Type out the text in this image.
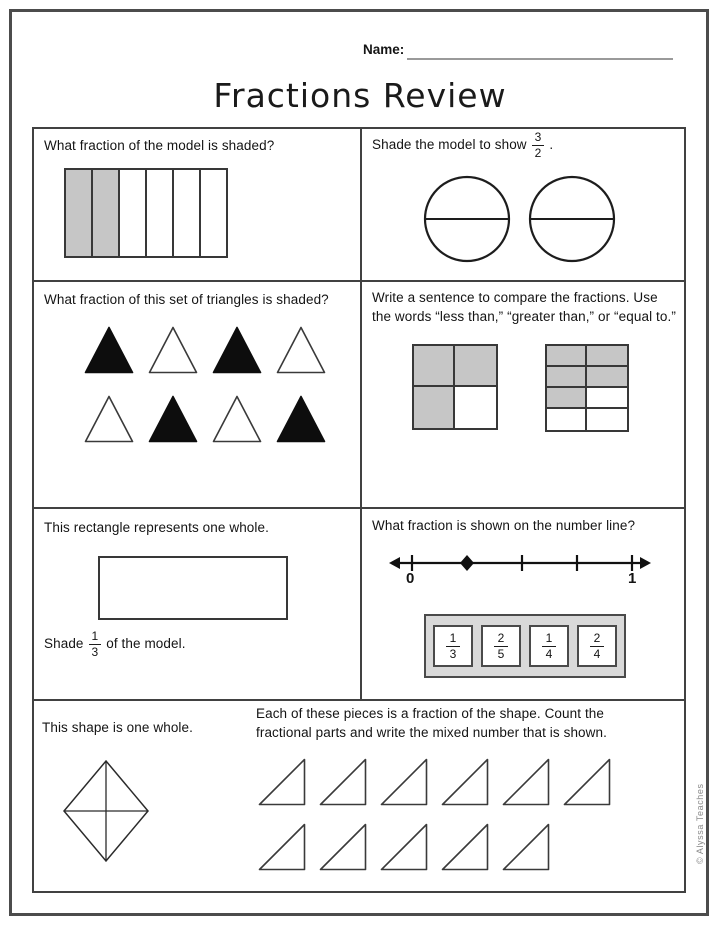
Name:
Fractions Review
What fraction of the model is shaded?	Shade the model to show $\frac{3}{2}$ .
What fraction of this set of triangles is shaded?	Write a sentence to compare the fractions. Use
the words “less than,” “greater than,” or “equal to.”
This rectangle represents one whole.
Shade $\frac{1}{3}$ of the model.
What fraction is shown on the number line?
0	1
$\frac{1}{3}$	$\frac{2}{5}$	$\frac{1}{4}$	$\frac{2}{4}$
This shape is one whole.
Each of these pieces is a fraction of the shape. Count the
fractional parts and write the mixed number that is shown.
© Alyssa Teaches
